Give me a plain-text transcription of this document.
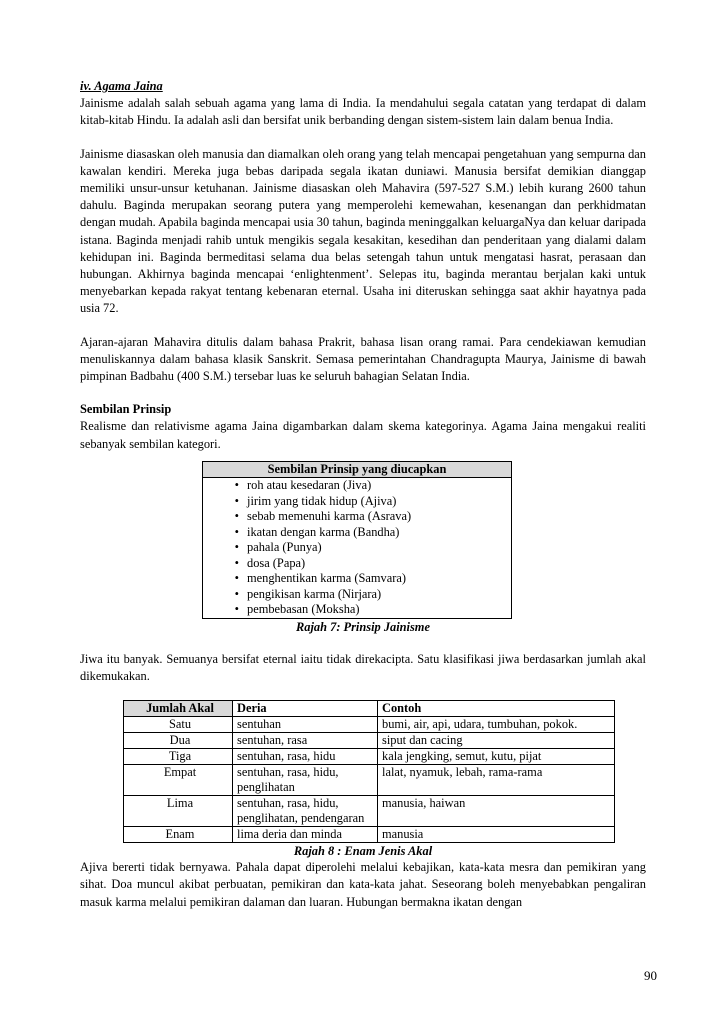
iv. Agama Jaina

Jainisme adalah salah sebuah agama yang lama di India. Ia mendahului segala catatan yang terdapat di dalam kitab-kitab Hindu. Ia adalah asli dan bersifat unik berbanding dengan sistem-sistem lain dalam benua India.

Jainisme diasaskan oleh manusia dan diamalkan oleh orang yang telah mencapai pengetahuan yang sempurna dan kawalan kendiri. Mereka juga bebas daripada segala ikatan duniawi. Manusia bersifat demikian dianggap memiliki unsur-unsur ketuhanan. Jainisme diasaskan oleh Mahavira (597-527 S.M.) lebih kurang 2600 tahun dahulu. Baginda merupakan seorang putera yang memperolehi kemewahan, kesenangan dan perkhidmatan dengan mudah. Apabila baginda mencapai usia 30 tahun, baginda meninggalkan keluargaNya dan keluar daripada istana. Baginda menjadi rahib untuk mengikis segala kesakitan, kesedihan dan penderitaan yang dialami dalam kehidupan ini. Baginda bermeditasi selama dua belas setengah tahun untuk mengatasi hasrat, perasaan dan hubungan. Akhirnya baginda mencapai ‘enlightenment’. Selepas itu, baginda merantau berjalan kaki untuk menyebarkan kepada rakyat tentang kebenaran eternal. Usaha ini diteruskan sehingga saat akhir hayatnya pada usia 72.

Ajaran-ajaran Mahavira ditulis dalam bahasa Prakrit, bahasa lisan orang ramai. Para cendekiawan kemudian menuliskannya dalam bahasa klasik Sanskrit. Semasa pemerintahan Chandragupta Maurya, Jainisme di bawah pimpinan Badbahu (400 S.M.) tersebar luas ke seluruh bahagian Selatan India.

Sembilan Prinsip

Realisme dan relativisme agama Jaina digambarkan dalam skema kategorinya. Agama Jaina mengakui realiti sebanyak sembilan kategori.

Sembilan Prinsip yang diucapkan
• roh atau kesedaran (Jiva)
• jirim yang tidak hidup (Ajiva)
• sebab memenuhi karma (Asrava)
• ikatan dengan karma (Bandha)
• pahala (Punya)
• dosa (Papa)
• menghentikan karma (Samvara)
• pengikisan karma (Nirjara)
• pembebasan (Moksha)
Rajah 7: Prinsip Jainisme

Jiwa itu banyak. Semuanya bersifat eternal iaitu tidak direkacipta. Satu klasifikasi jiwa berdasarkan jumlah akal dikemukakan.

Jumlah Akal	Deria	Contoh
Satu	sentuhan	bumi, air, api, udara, tumbuhan, pokok.
Dua	sentuhan, rasa	siput dan cacing
Tiga	sentuhan, rasa, hidu	kala jengking, semut, kutu, pijat
Empat	sentuhan, rasa, hidu, penglihatan	lalat, nyamuk, lebah, rama-rama
Lima	sentuhan, rasa, hidu, penglihatan, pendengaran	manusia, haiwan
Enam	lima deria dan minda	manusia
Rajah 8 : Enam Jenis Akal

Ajiva bererti tidak bernyawa. Pahala dapat diperolehi melalui kebajikan, kata-kata mesra dan pemikiran yang sihat. Doa muncul akibat perbuatan, pemikiran dan kata-kata jahat. Seseorang boleh menyebabkan pengaliran masuk karma melalui pemikiran dalaman dan luaran. Hubungan bermakna ikatan dengan

90
